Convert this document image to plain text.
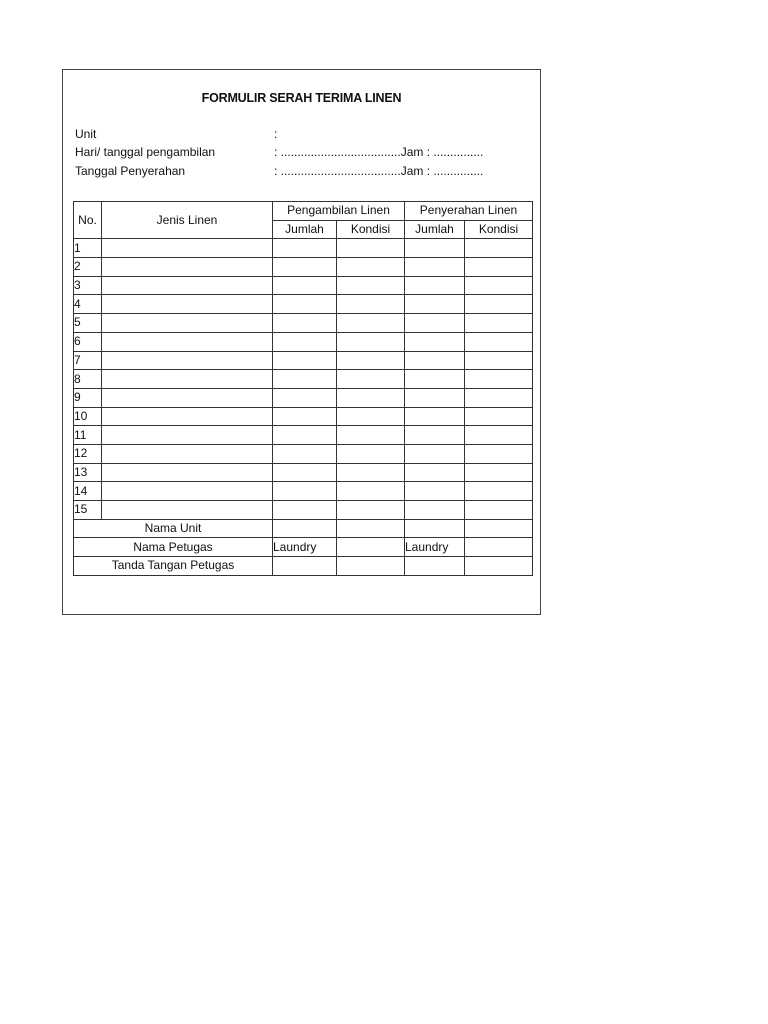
FORMULIR SERAH TERIMA LINEN
Unit	:
Hari/ tanggal pengambilan	: ....................................Jam : ...............
Tanggal Penyerahan	: ....................................Jam : ...............
No.	Jenis Linen	Pengambilan Linen		Penyerahan Linen	
		Jumlah	Kondisi	Jumlah	Kondisi
1					
2					
3					
4					
5					
6					
7					
8					
9					
10					
11					
12					
13					
14					
15					
Nama Unit					
Nama Petugas		Laundry		Laundry	
Tanda Tangan Petugas					
